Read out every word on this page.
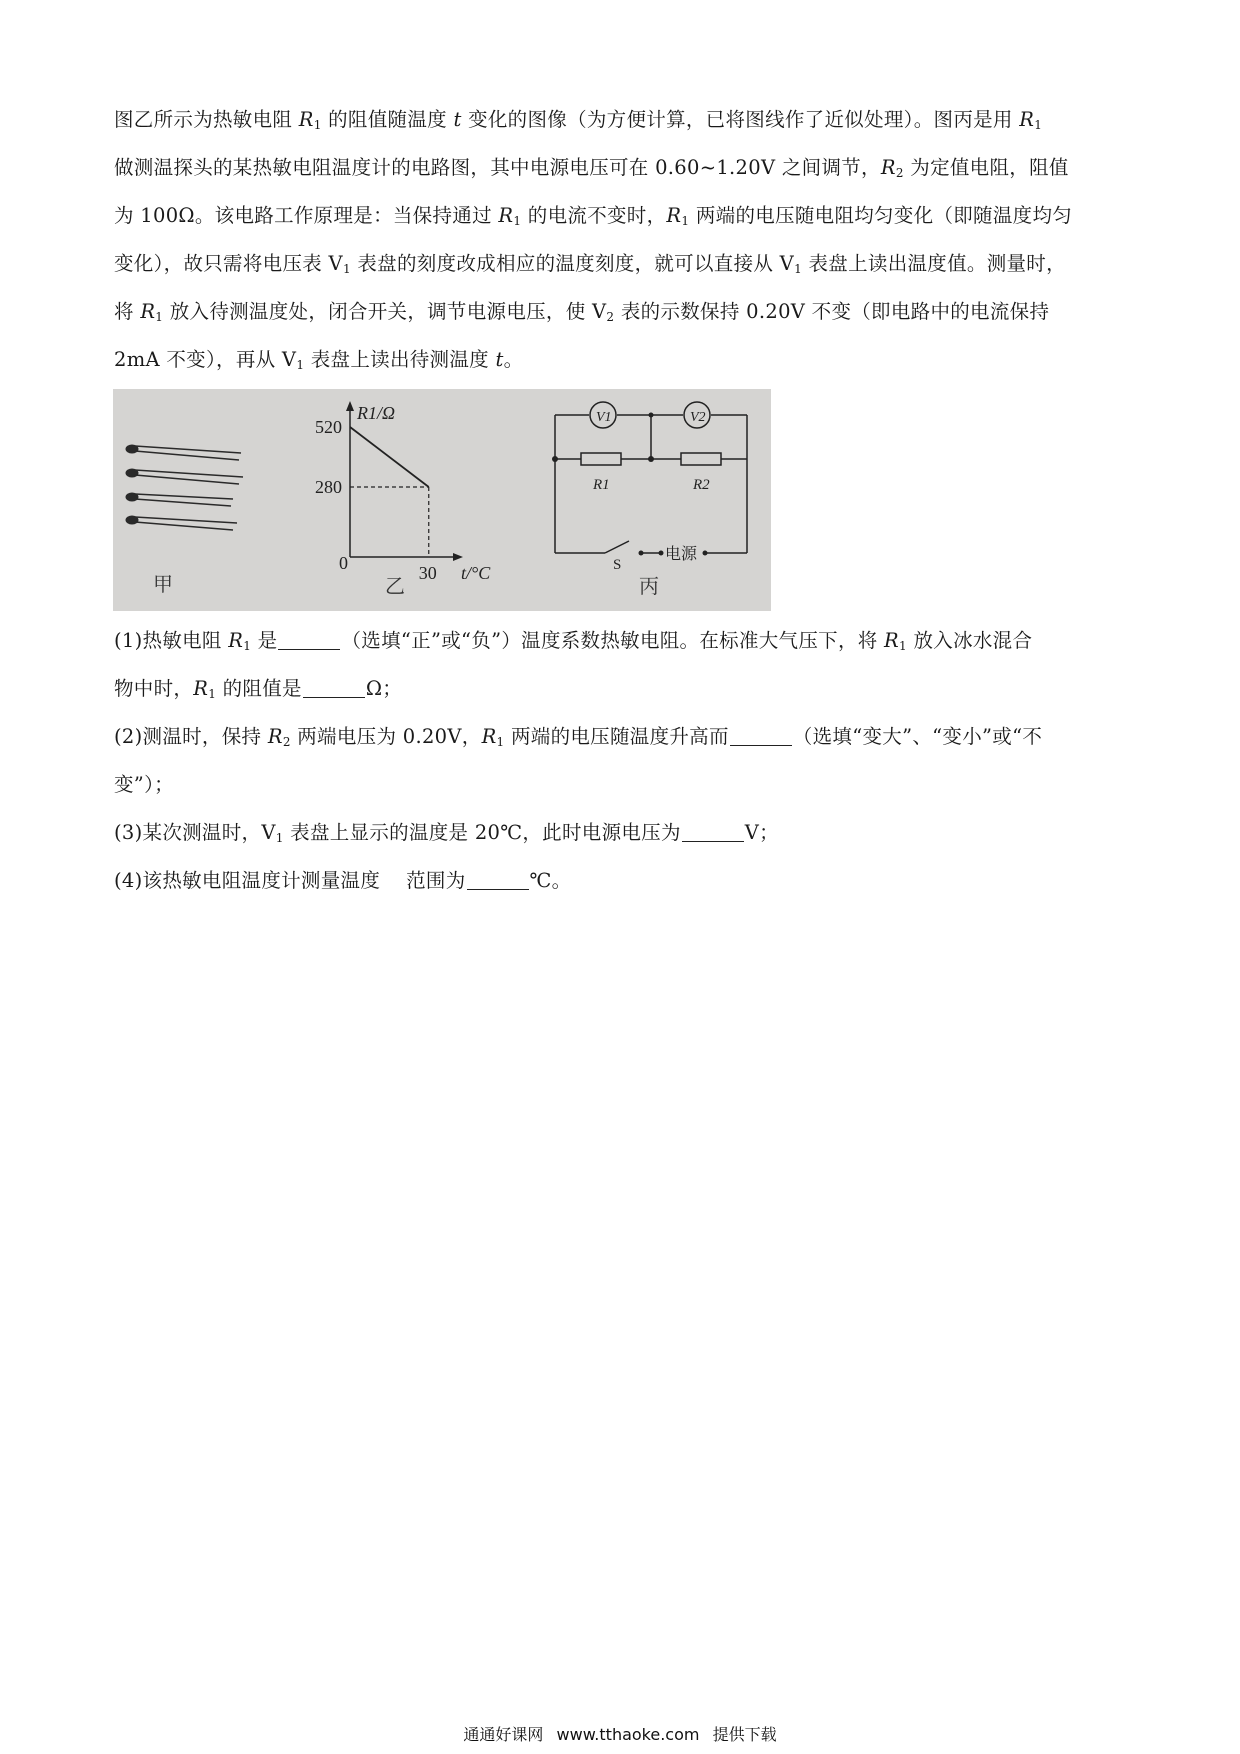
图乙所示为热敏电阻 $R_1$ 的阻值随温度 t 变化的图像（为方便计算，已将图线作了近似处理）。图丙是用 $R_1$
做测温探头的某热敏电阻温度计的电路图，其中电源电压可在 0.60~1.20V 之间调节，$R_2$ 为定值电阻，阻值
为 100Ω。该电路工作原理是：当保持通过 $R_1$ 的电流不变时，$R_1$ 两端的电压随电阻均匀变化（即随温度均匀
变化），故只需将电压表 $V_1$ 表盘的刻度改成相应的温度刻度，就可以直接从 $V_1$ 表盘上读出温度值。测量时，
将 $R_1$ 放入待测温度处，闭合开关，调节电源电压，使 $V_2$ 表的示数保持 0.20V 不变（即电路中的电流保持
2mA 不变），再从 $V_1$ 表盘上读出待测温度 t。
甲
R1/Ω
520
280
0	30 t/°C
乙
V1	V2
R1	R2
S
电源
丙
(1)热敏电阻 $R_1$ 是	（选填“正”或“负”）温度系数热敏电阻。在标准大气压下，将 $R_1$ 放入冰水混合
物中时，$R_1$ 的阻值是	Ω；
(2)测温时，保持 $R_2$ 两端电压为 0.20V，$R_1$ 两端的电压随温度升高而	（选填“变大”、“变小”或“不
变”）；
(3)某次测温时，$V_1$ 表盘上显示的温度是 20℃，此时电源电压为	V；
(4)该热敏电阻温度计测量温度    范围为	℃。
通通好课网 www.tthaoke.com 提供下载
